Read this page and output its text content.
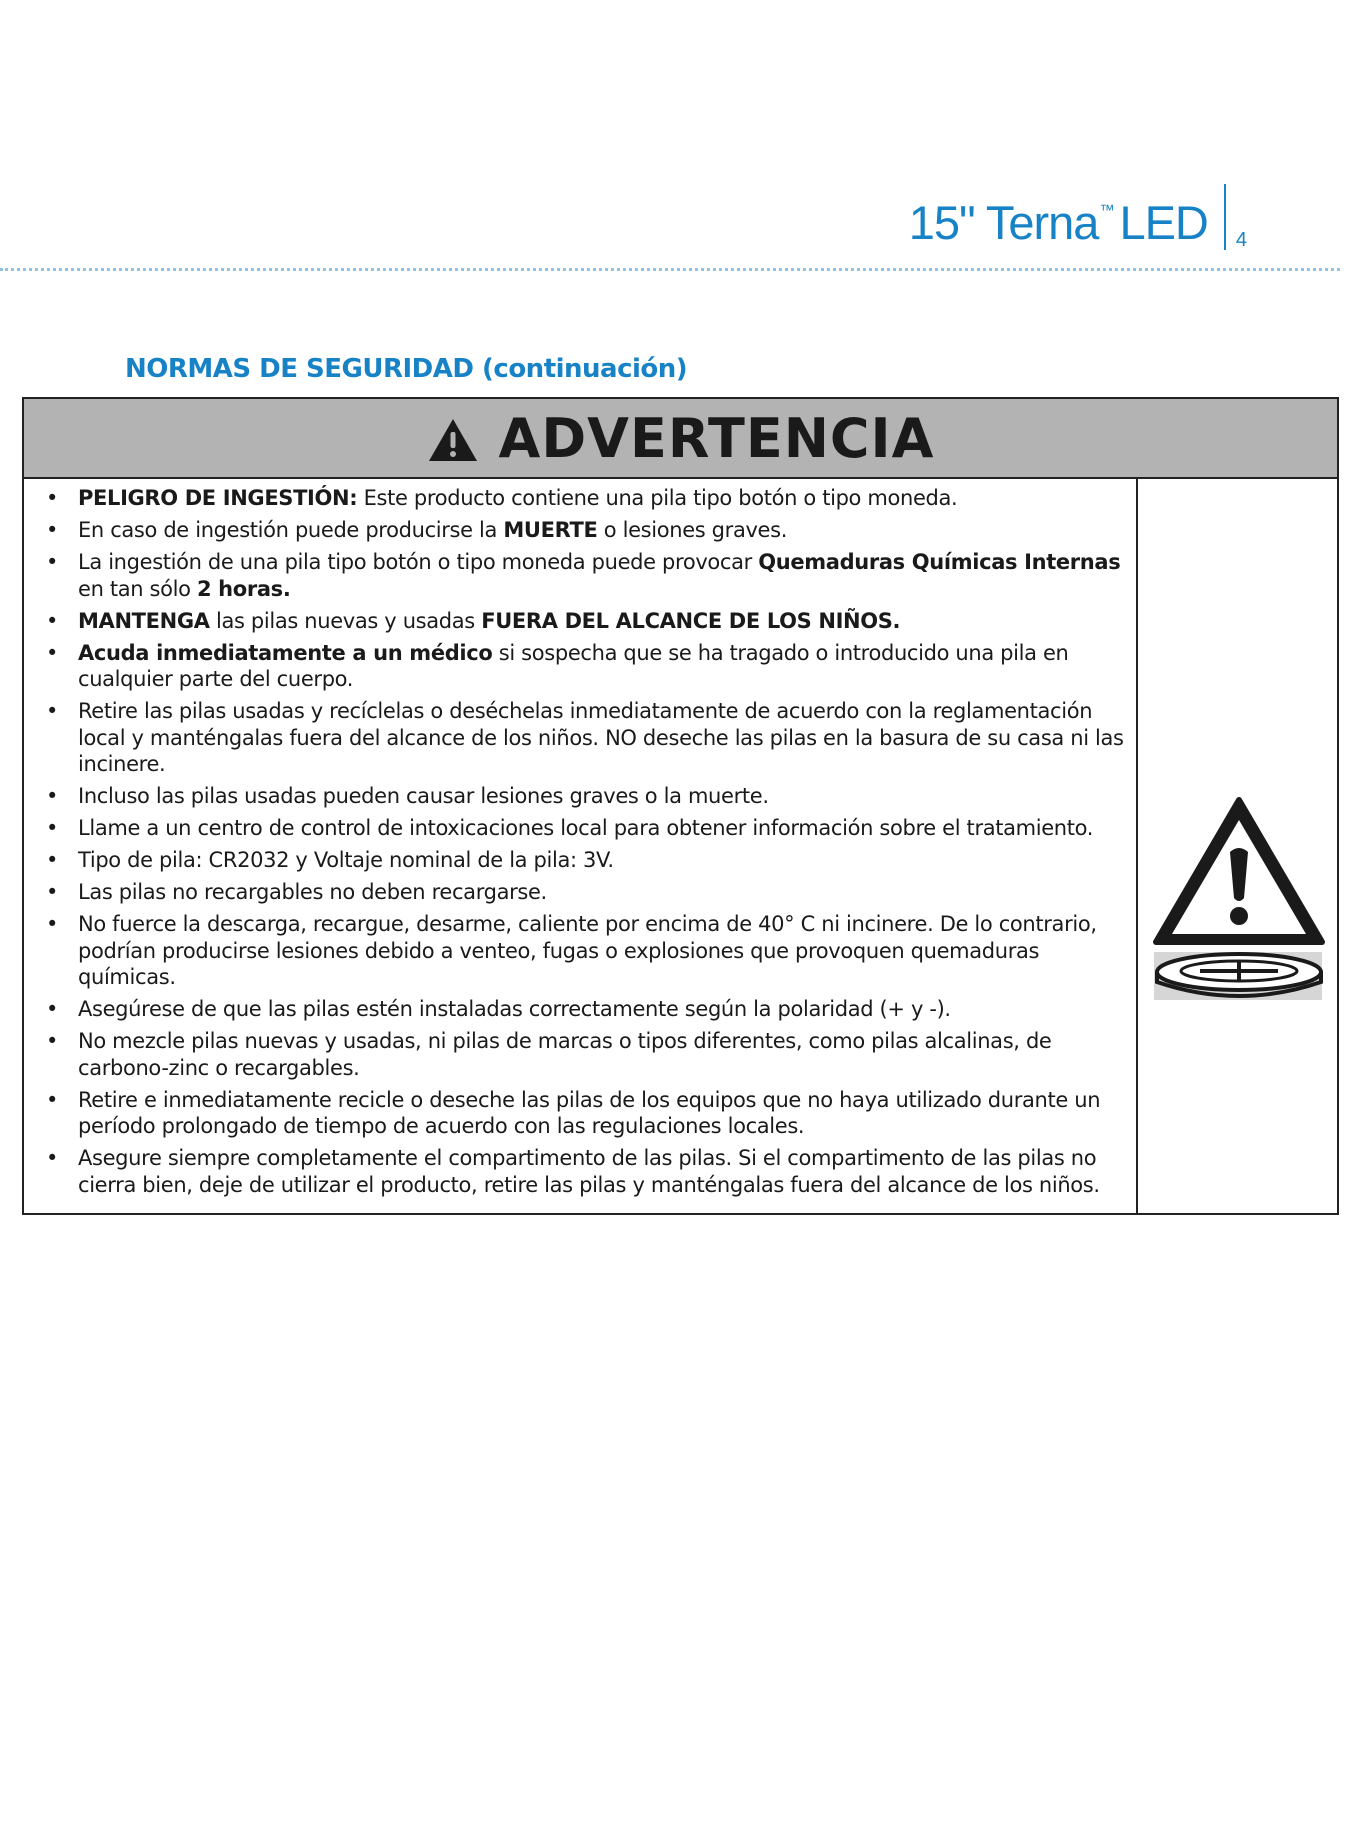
15" Terna™ LED 4
NORMAS DE SEGURIDAD (continuación)
ADVERTENCIA
• PELIGRO DE INGESTIÓN: Este producto contiene una pila tipo botón o tipo moneda.
• En caso de ingestión puede producirse la MUERTE o lesiones graves.
• La ingestión de una pila tipo botón o tipo moneda puede provocar Quemaduras Químicas Internas en tan sólo 2 horas.
• MANTENGA las pilas nuevas y usadas FUERA DEL ALCANCE DE LOS NIÑOS.
• Acuda inmediatamente a un médico si sospecha que se ha tragado o introducido una pila en cualquier parte del cuerpo.
• Retire las pilas usadas y recíclelas o deséchelas inmediatamente de acuerdo con la reglamentación local y manténgalas fuera del alcance de los niños. NO deseche las pilas en la basura de su casa ni las incinere.
• Incluso las pilas usadas pueden causar lesiones graves o la muerte.
• Llame a un centro de control de intoxicaciones local para obtener información sobre el tratamiento.
• Tipo de pila: CR2032 y Voltaje nominal de la pila: 3V.
• Las pilas no recargables no deben recargarse.
• No fuerce la descarga, recargue, desarme, caliente por encima de 40° C ni incinere. De lo contrario, podrían producirse lesiones debido a venteo, fugas o explosiones que provoquen quemaduras químicas.
• Asegúrese de que las pilas estén instaladas correctamente según la polaridad (+ y -).
• No mezcle pilas nuevas y usadas, ni pilas de marcas o tipos diferentes, como pilas alcalinas, de carbono-zinc o recargables.
• Retire e inmediatamente recicle o deseche las pilas de los equipos que no haya utilizado durante un período prolongado de tiempo de acuerdo con las regulaciones locales.
• Asegure siempre completamente el compartimento de las pilas. Si el compartimento de las pilas no cierra bien, deje de utilizar el producto, retire las pilas y manténgalas fuera del alcance de los niños.
